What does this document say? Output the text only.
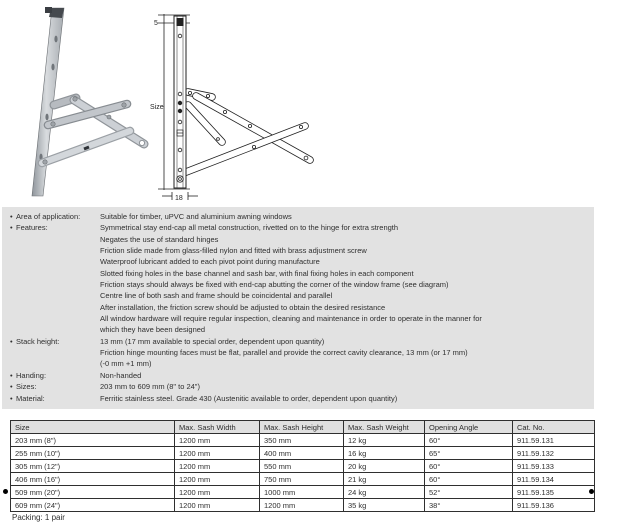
5
Size
18
• Area of application:	Suitable for timber, uPVC and aluminium awning windows
• Features:	Symmetrical stay end-cap all metal construction, rivetted on to the hinge for extra strength
Negates the use of standard hinges
Friction slide made from glass-filled nylon and fitted with brass adjustment screw
Waterproof lubricant added to each pivot point during manufacture
Slotted fixing holes in the base channel and sash bar, with final fixing holes in each component
Friction stays should always be fixed with end-cap abutting the corner of the window frame (see diagram)
Centre line of both sash and frame should be coincidental and parallel
After installation, the friction screw should be adjusted to obtain the desired resistance
All window hardware will require regular inspection, cleaning and maintenance in order to operate in the manner for
which they have been designed
• Stack height:	13 mm (17 mm available to special order, dependent upon quantity)
Friction hinge mounting faces must be flat, parallel and provide the correct cavity clearance, 13 mm (or 17 mm)
(-0 mm +1 mm)
• Handing:	Non-handed
• Sizes:	203 mm to 609 mm (8" to 24")
• Material:	Ferritic stainless steel. Grade 430 (Austenitic available to order, dependent upon quantity)
Size	Max. Sash Width	Max. Sash Height	Max. Sash Weight	Opening Angle	Cat. No.
203 mm (8")	1200 mm	350 mm	12 kg	60°	911.59.131
255 mm (10")	1200 mm	400 mm	16 kg	65°	911.59.132
305 mm (12")	1200 mm	550 mm	20 kg	60°	911.59.133
406 mm (16")	1200 mm	750 mm	21 kg	60°	911.59.134
509 mm (20")	1200 mm	1000 mm	24 kg	52°	911.59.135
609 mm (24")	1200 mm	1200 mm	35 kg	38°	911.59.136
Packing: 1 pair
